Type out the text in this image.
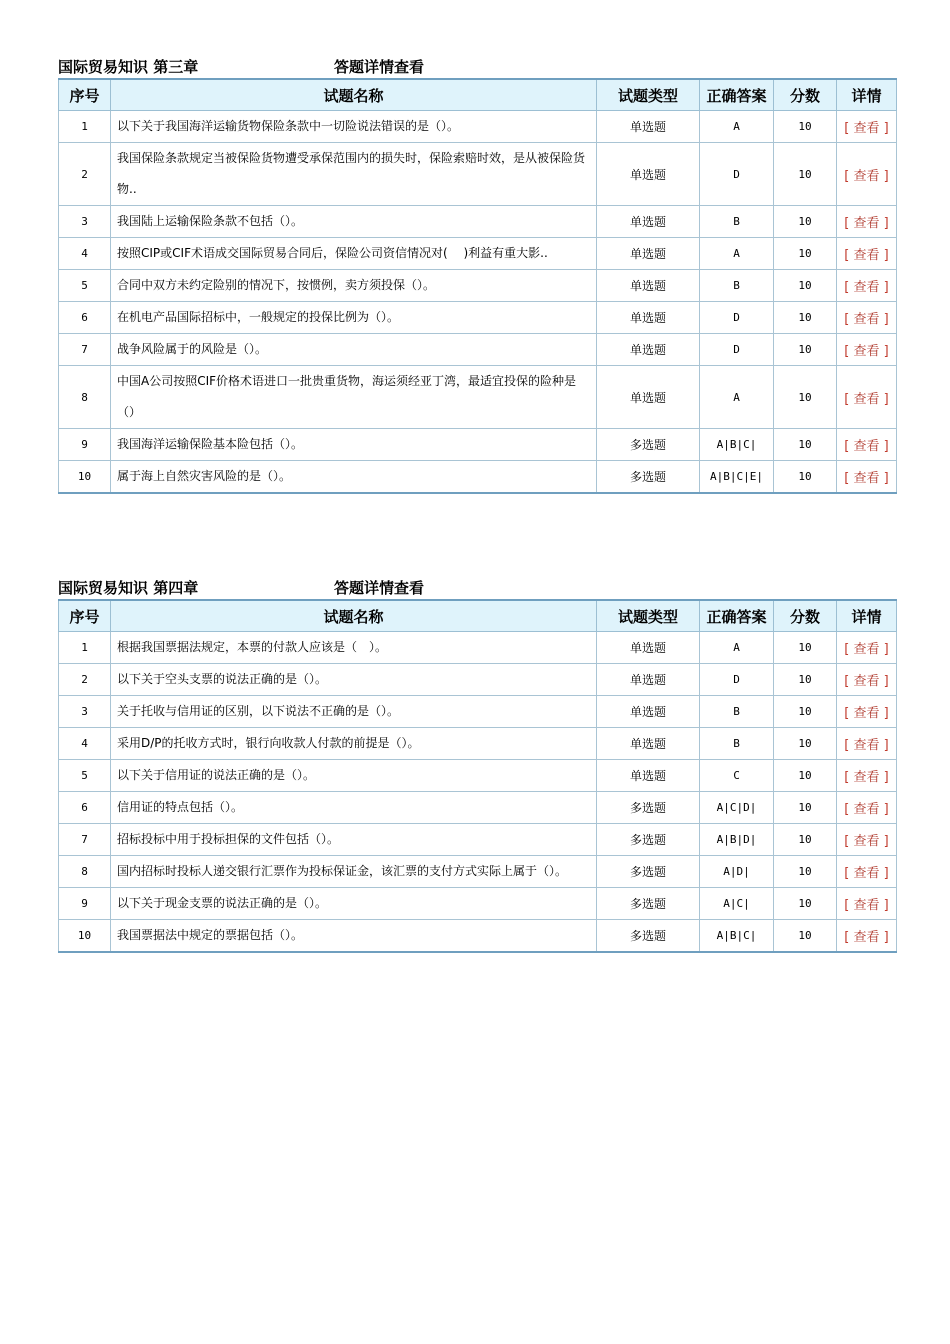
国际贸易知识 第三章	答题详情查看
序号	试题名称	试题类型	正确答案	分数	详情
1	以下关于我国海洋运输货物保险条款中一切险说法错误的是（）。	单选题	A	10	[ 查看 ]
2	我国保险条款规定当被保险货物遭受承保范围内的损失时，保险索赔时效，是从被保险货物..	单选题	D	10	[ 查看 ]
3	我国陆上运输保险条款不包括（）。	单选题	B	10	[ 查看 ]
4	按照CIP或CIF术语成交国际贸易合同后，保险公司资信情况对(　 )利益有重大影..	单选题	A	10	[ 查看 ]
5	合同中双方未约定险别的情况下，按惯例，卖方须投保（）。	单选题	B	10	[ 查看 ]
6	在机电产品国际招标中，一般规定的投保比例为（）。	单选题	D	10	[ 查看 ]
7	战争风险属于的风险是（）。	单选题	D	10	[ 查看 ]
8	中国A公司按照CIF价格术语进口一批贵重货物，海运须经亚丁湾，最适宜投保的险种是（）	单选题	A	10	[ 查看 ]
9	我国海洋运输保险基本险包括（）。	多选题	A|B|C|	10	[ 查看 ]
10	属于海上自然灾害风险的是（）。	多选题	A|B|C|E|	10	[ 查看 ]
国际贸易知识 第四章	答题详情查看
序号	试题名称	试题类型	正确答案	分数	详情
1	根据我国票据法规定，本票的付款人应该是（　）。	单选题	A	10	[ 查看 ]
2	以下关于空头支票的说法正确的是（）。	单选题	D	10	[ 查看 ]
3	关于托收与信用证的区别，以下说法不正确的是（）。	单选题	B	10	[ 查看 ]
4	采用D/P的托收方式时，银行向收款人付款的前提是（）。	单选题	B	10	[ 查看 ]
5	以下关于信用证的说法正确的是（）。	单选题	C	10	[ 查看 ]
6	信用证的特点包括（）。	多选题	A|C|D|	10	[ 查看 ]
7	招标投标中用于投标担保的文件包括（）。	多选题	A|B|D|	10	[ 查看 ]
8	国内招标时投标人递交银行汇票作为投标保证金，该汇票的支付方式实际上属于（）。	多选题	A|D|	10	[ 查看 ]
9	以下关于现金支票的说法正确的是（）。	多选题	A|C|	10	[ 查看 ]
10	我国票据法中规定的票据包括（）。	多选题	A|B|C|	10	[ 查看 ]
